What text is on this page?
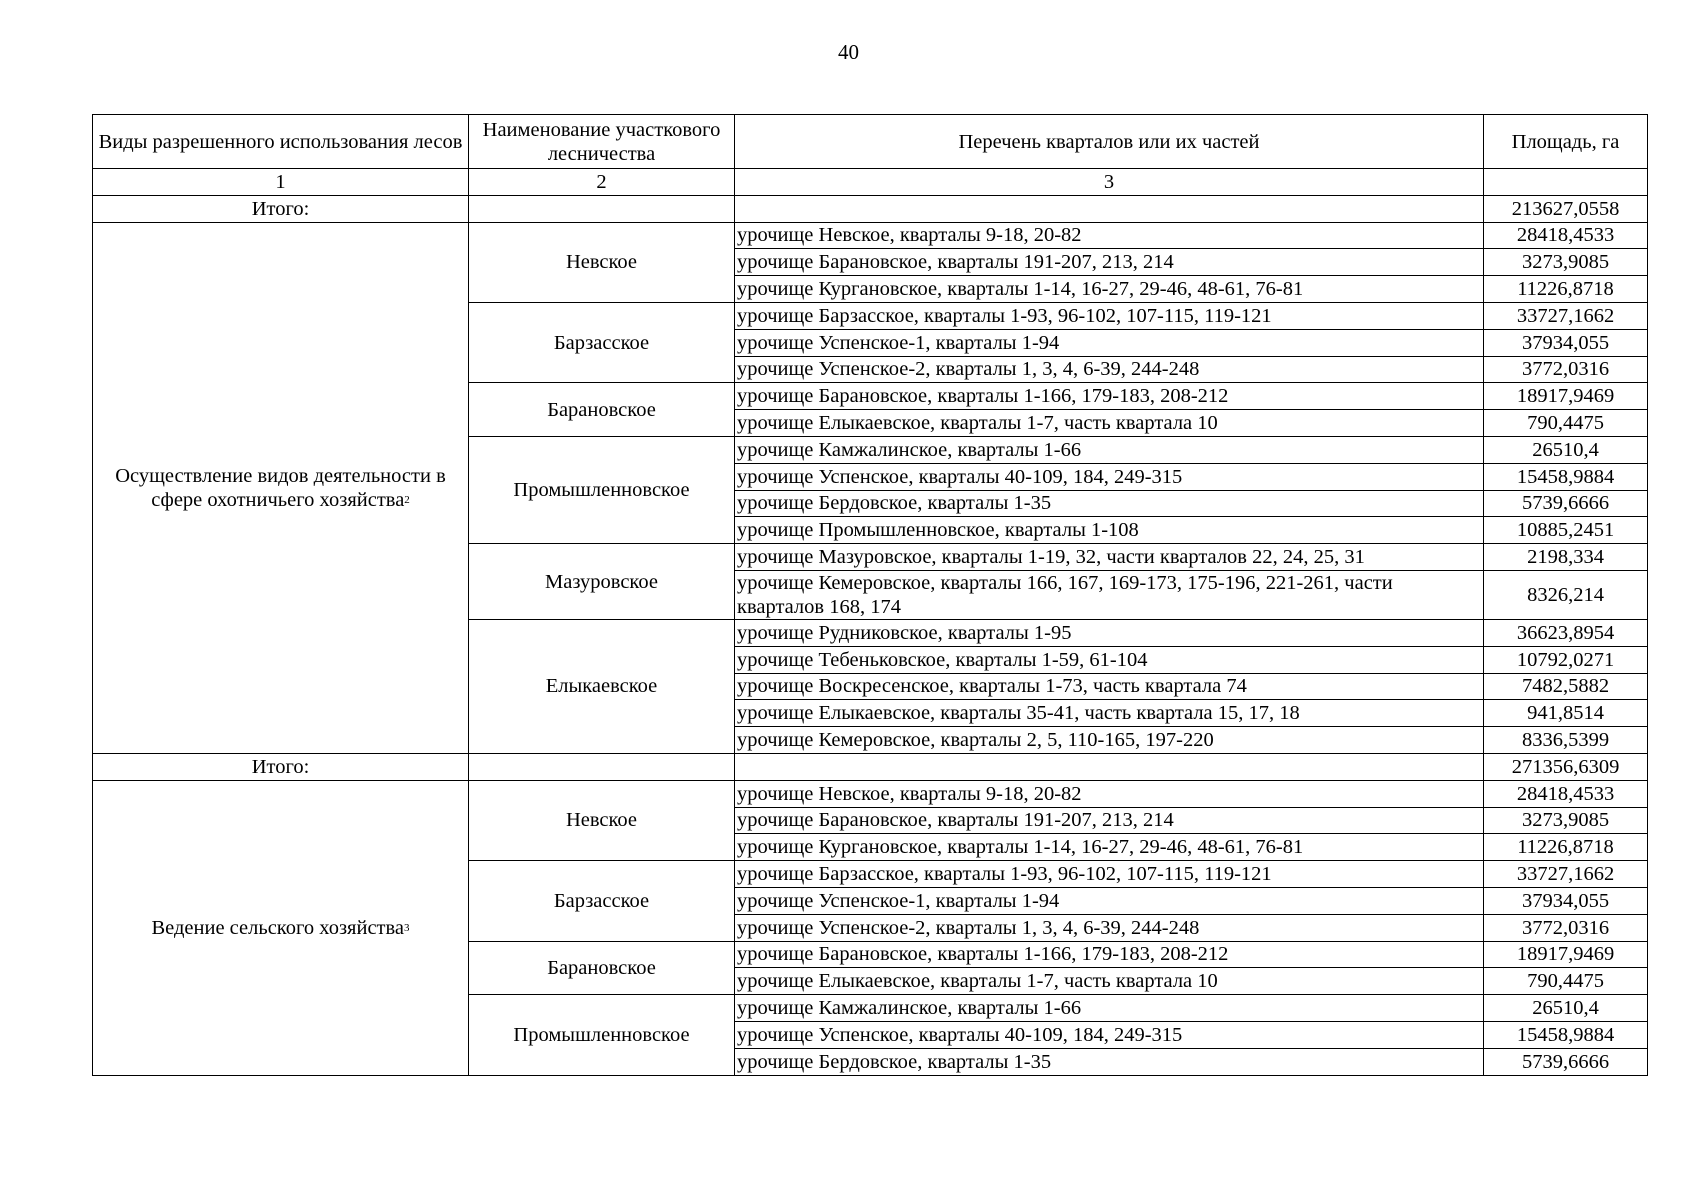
40
Виды разрешенного использования лесов	Наименование участкового лесничества	Перечень кварталов или их частей	Площадь, га
1	2	3	
Итого:			213627,0558
Осуществление видов деятельности в сфере охотничьего хозяйства$^2$	Невское	урочище Невское, кварталы 9-18, 20-82	28418,4533
		урочище Барановское, кварталы 191-207, 213, 214	3273,9085
		урочище Кургановское, кварталы 1-14, 16-27, 29-46, 48-61, 76-81	11226,8718
	Барзасское	урочище Барзасское, кварталы 1-93, 96-102, 107-115, 119-121	33727,1662
		урочище Успенское-1, кварталы 1-94	37934,055
		урочище Успенское-2, кварталы 1, 3, 4, 6-39, 244-248	3772,0316
	Барановское	урочище Барановское, кварталы 1-166, 179-183, 208-212	18917,9469
		урочище Елыкаевское, кварталы 1-7, часть квартала 10	790,4475
	Промышленновское	урочище Камжалинское, кварталы 1-66	26510,4
		урочище Успенское, кварталы 40-109, 184, 249-315	15458,9884
		урочище Бердовское, кварталы 1-35	5739,6666
		урочище Промышленновское, кварталы 1-108	10885,2451
	Мазуровское	урочище Мазуровское, кварталы 1-19, 32, части кварталов 22, 24, 25, 31	2198,334
		урочище Кемеровское, кварталы 166, 167, 169-173, 175-196, 221-261, части кварталов 168, 174	8326,214
	Елыкаевское	урочище Рудниковское, кварталы 1-95	36623,8954
		урочище Тебеньковское, кварталы 1-59, 61-104	10792,0271
		урочище Воскресенское, кварталы 1-73, часть квартала 74	7482,5882
		урочище Елыкаевское, кварталы 35-41, часть квартала 15, 17, 18	941,8514
		урочище Кемеровское, кварталы 2, 5, 110-165, 197-220	8336,5399
Итого:			271356,6309
Ведение сельского хозяйства$^3$	Невское	урочище Невское, кварталы 9-18, 20-82	28418,4533
		урочище Барановское, кварталы 191-207, 213, 214	3273,9085
		урочище Кургановское, кварталы 1-14, 16-27, 29-46, 48-61, 76-81	11226,8718
	Барзасское	урочище Барзасское, кварталы 1-93, 96-102, 107-115, 119-121	33727,1662
		урочище Успенское-1, кварталы 1-94	37934,055
		урочище Успенское-2, кварталы 1, 3, 4, 6-39, 244-248	3772,0316
	Барановское	урочище Барановское, кварталы 1-166, 179-183, 208-212	18917,9469
		урочище Елыкаевское, кварталы 1-7, часть квартала 10	790,4475
	Промышленновское	урочище Камжалинское, кварталы 1-66	26510,4
		урочище Успенское, кварталы 40-109, 184, 249-315	15458,9884
		урочище Бердовское, кварталы 1-35	5739,6666
